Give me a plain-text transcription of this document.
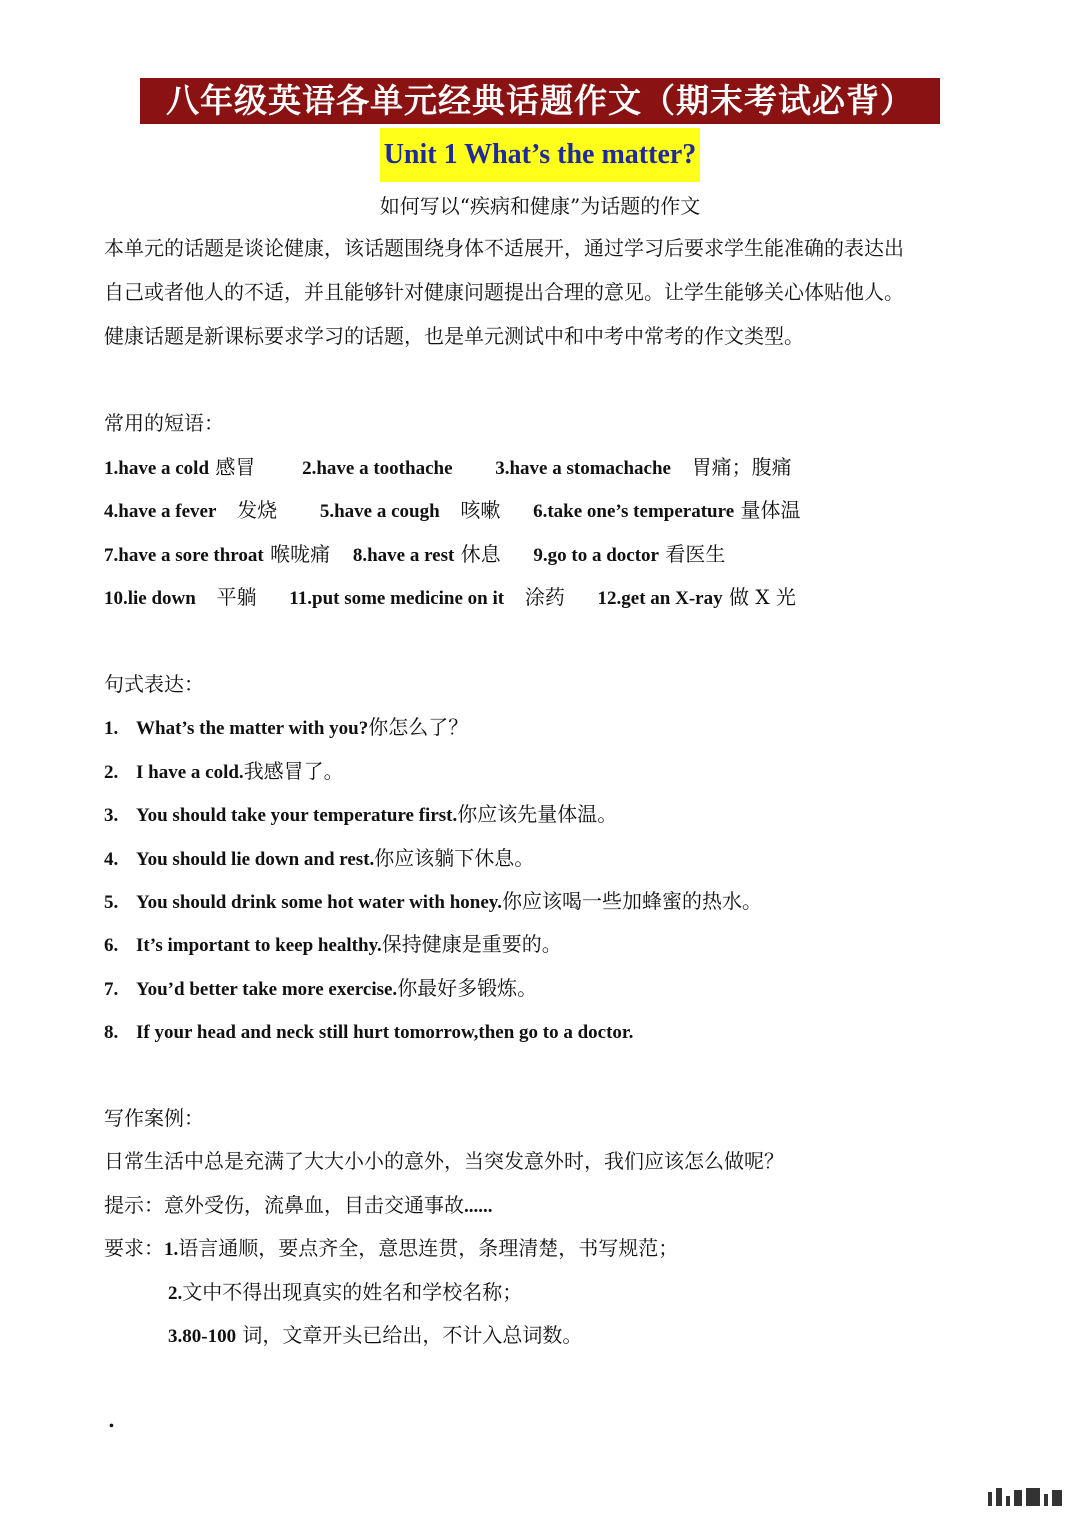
八年级英语各单元经典话题作文（期末考试必背）
Unit 1 What’s the matter?
如何写以“疾病和健康”为话题的作文
本单元的话题是谈论健康，该话题围绕身体不适展开，通过学习后要求学生能准确的表达出
自己或者他人的不适，并且能够针对健康问题提出合理的意见。让学生能够关心体贴他人。
健康话题是新课标要求学习的话题，也是单元测试中和中考中常考的作文类型。
常用的短语：
1.have a cold 感冒 2.have a toothache 3.have a stomachache 胃痛；腹痛
4.have a fever 发烧 5.have a cough 咳嗽 6.take one’s temperature 量体温
7.have a sore throat 喉咙痛 8.have a rest 休息 9.go to a doctor 看医生
10.lie down 平躺 11.put some medicine on it 涂药 12.get an X-ray 做 X 光
句式表达：
1. What’s the matter with you?你怎么了？
2. I have a cold.我感冒了。
3. You should take your temperature first.你应该先量体温。
4. You should lie down and rest.你应该躺下休息。
5. You should drink some hot water with honey.你应该喝一些加蜂蜜的热水。
6. It’s important to keep healthy.保持健康是重要的。
7. You’d better take more exercise.你最好多锻炼。
8. If your head and neck still hurt tomorrow,then go to a doctor.
写作案例：
日常生活中总是充满了大大小小的意外，当突发意外时，我们应该怎么做呢？
提示：意外受伤，流鼻血，目击交通事故......
要求：1.语言通顺，要点齐全，意思连贯，条理清楚，书写规范；
2.文中不得出现真实的姓名和学校名称；
3.80-100 词，文章开头已给出，不计入总词数。
.
